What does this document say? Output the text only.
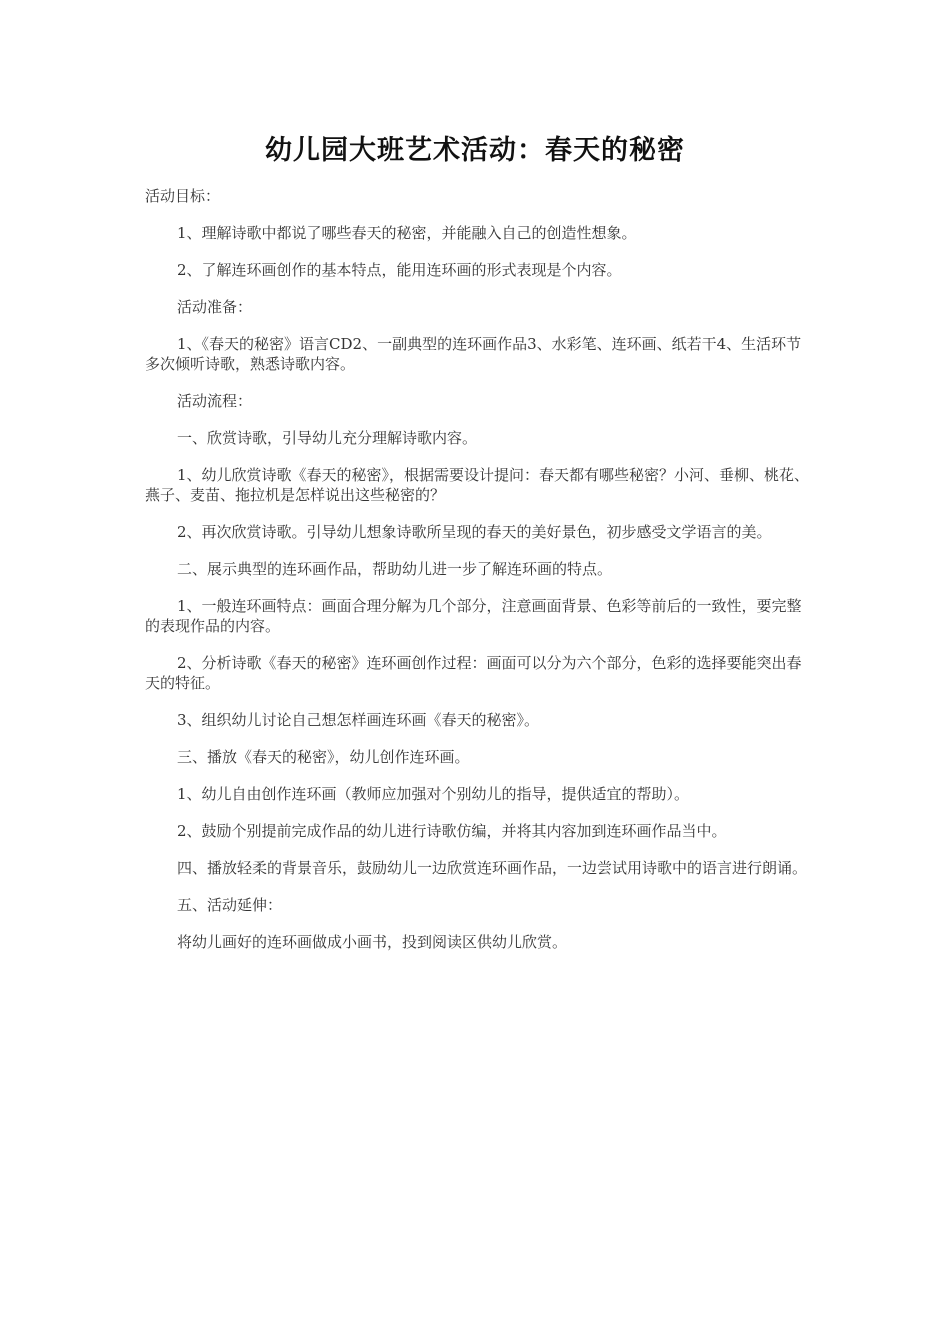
幼儿园大班艺术活动：春天的秘密

活动目标：

1、理解诗歌中都说了哪些春天的秘密，并能融入自己的创造性想象。

2、了解连环画创作的基本特点，能用连环画的形式表现是个内容。

活动准备：

1、《春天的秘密》语言CD2、一副典型的连环画作品3、水彩笔、连环画、纸若干4、生活环节多次倾听诗歌，熟悉诗歌内容。

活动流程：

一、欣赏诗歌，引导幼儿充分理解诗歌内容。

1、幼儿欣赏诗歌《春天的秘密》，根据需要设计提问：春天都有哪些秘密？小河、垂柳、桃花、燕子、麦苗、拖拉机是怎样说出这些秘密的？

2、再次欣赏诗歌。引导幼儿想象诗歌所呈现的春天的美好景色，初步感受文学语言的美。

二、展示典型的连环画作品，帮助幼儿进一步了解连环画的特点。

1、一般连环画特点：画面合理分解为几个部分，注意画面背景、色彩等前后的一致性，要完整的表现作品的内容。

2、分析诗歌《春天的秘密》连环画创作过程：画面可以分为六个部分，色彩的选择要能突出春天的特征。

3、组织幼儿讨论自己想怎样画连环画《春天的秘密》。

三、播放《春天的秘密》，幼儿创作连环画。

1、幼儿自由创作连环画（教师应加强对个别幼儿的指导，提供适宜的帮助）。

2、鼓励个别提前完成作品的幼儿进行诗歌仿编，并将其内容加到连环画作品当中。

四、播放轻柔的背景音乐，鼓励幼儿一边欣赏连环画作品，一边尝试用诗歌中的语言进行朗诵。

五、活动延伸：

将幼儿画好的连环画做成小画书，投到阅读区供幼儿欣赏。
